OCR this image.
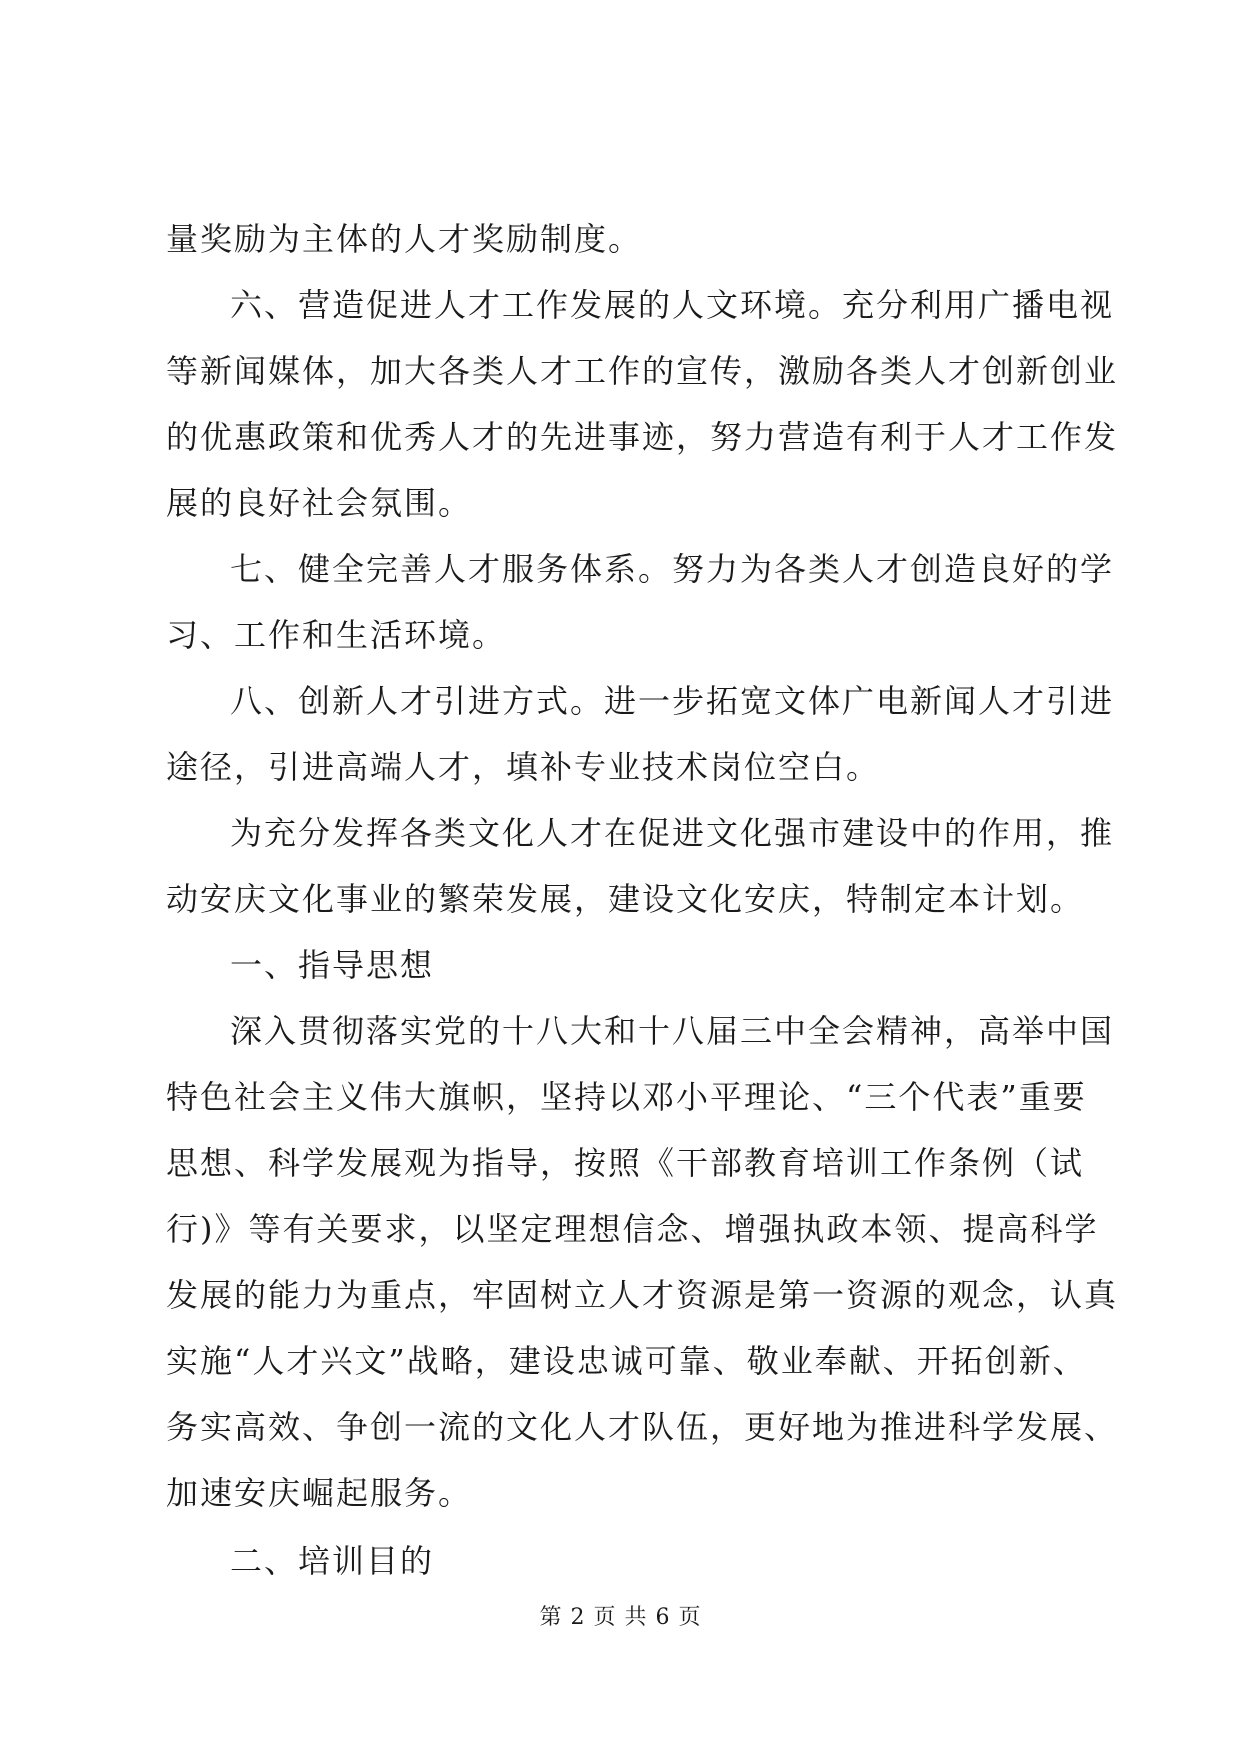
量奖励为主体的人才奖励制度。
六、营造促进人才工作发展的人文环境。充分利用广播电视
等新闻媒体，加大各类人才工作的宣传，激励各类人才创新创业
的优惠政策和优秀人才的先进事迹，努力营造有利于人才工作发
展的良好社会氛围。
七、健全完善人才服务体系。努力为各类人才创造良好的学
习、工作和生活环境。
八、创新人才引进方式。进一步拓宽文体广电新闻人才引进
途径，引进高端人才，填补专业技术岗位空白。
为充分发挥各类文化人才在促进文化强市建设中的作用，推
动安庆文化事业的繁荣发展，建设文化安庆，特制定本计划。
一、指导思想
深入贯彻落实党的十八大和十八届三中全会精神，高举中国
特色社会主义伟大旗帜，坚持以邓小平理论、“三个代表”重要
思想、科学发展观为指导，按照《干部教育培训工作条例（试
行)》等有关要求，以坚定理想信念、增强执政本领、提高科学
发展的能力为重点，牢固树立人才资源是第一资源的观念，认真
实施“人才兴文”战略，建设忠诚可靠、敬业奉献、开拓创新、
务实高效、争创一流的文化人才队伍，更好地为推进科学发展、
加速安庆崛起服务。
二、培训目的
第 2 页 共 6 页
